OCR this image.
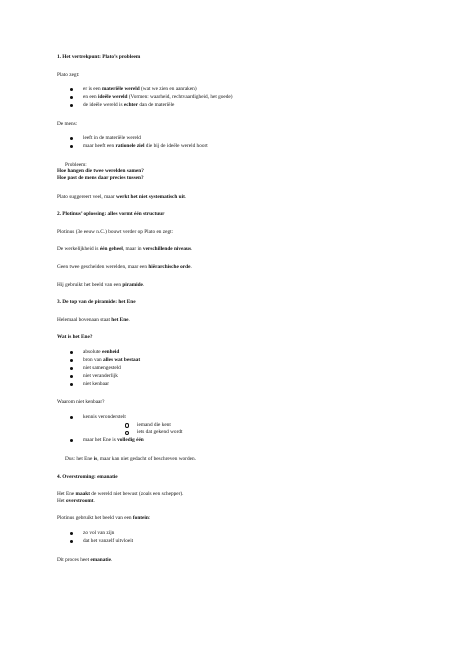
1. Het vertrekpunt: Plato’s probleem
Plato zegt:
er is een materiële wereld (wat we zien en aanraken)
en een ideële wereld (Vormen: waarheid, rechtvaardigheid, het goede)
de ideële wereld is echter dan de materiële
De mens:
leeft in de materiële wereld
maar heeft een rationele ziel die bij de ideële wereld hoort
Probleem:
Hoe hangen die twee werelden samen?
Hoe past de mens daar precies tussen?
Plato suggereert veel, maar werkt het niet systematisch uit.
2. Plotinus’ oplossing: alles vormt één structuur
Plotinus (3e eeuw n.C.) bouwt verder op Plato en zegt:
De werkelijkheid is één geheel, maar in verschillende niveaus.
Geen twee gescheiden werelden, maar een hiërarchische orde.
Hij gebruikt het beeld van een piramide.
3. De top van de piramide: het Ene
Helemaal bovenaan staat het Ene.
Wat is het Ene?
absolute eenheid
bron van alles wat bestaat
niet samengesteld
niet veranderlijk
niet kenbaar
Waarom niet kenbaar?
kennis veronderstelt
iemand die kent
iets dat gekend wordt
maar het Ene is volledig één
Dus: het Ene is, maar kan niet gedacht of beschreven worden.
4. Overstroming: emanatie
Het Ene maakt de wereld niet bewust (zoals een schepper).
Het overstroomt.
Plotinus gebruikt het beeld van een fontein:
zo vol van zijn
dat het vanzelf uitvloeit
Dit proces heet emanatie.
